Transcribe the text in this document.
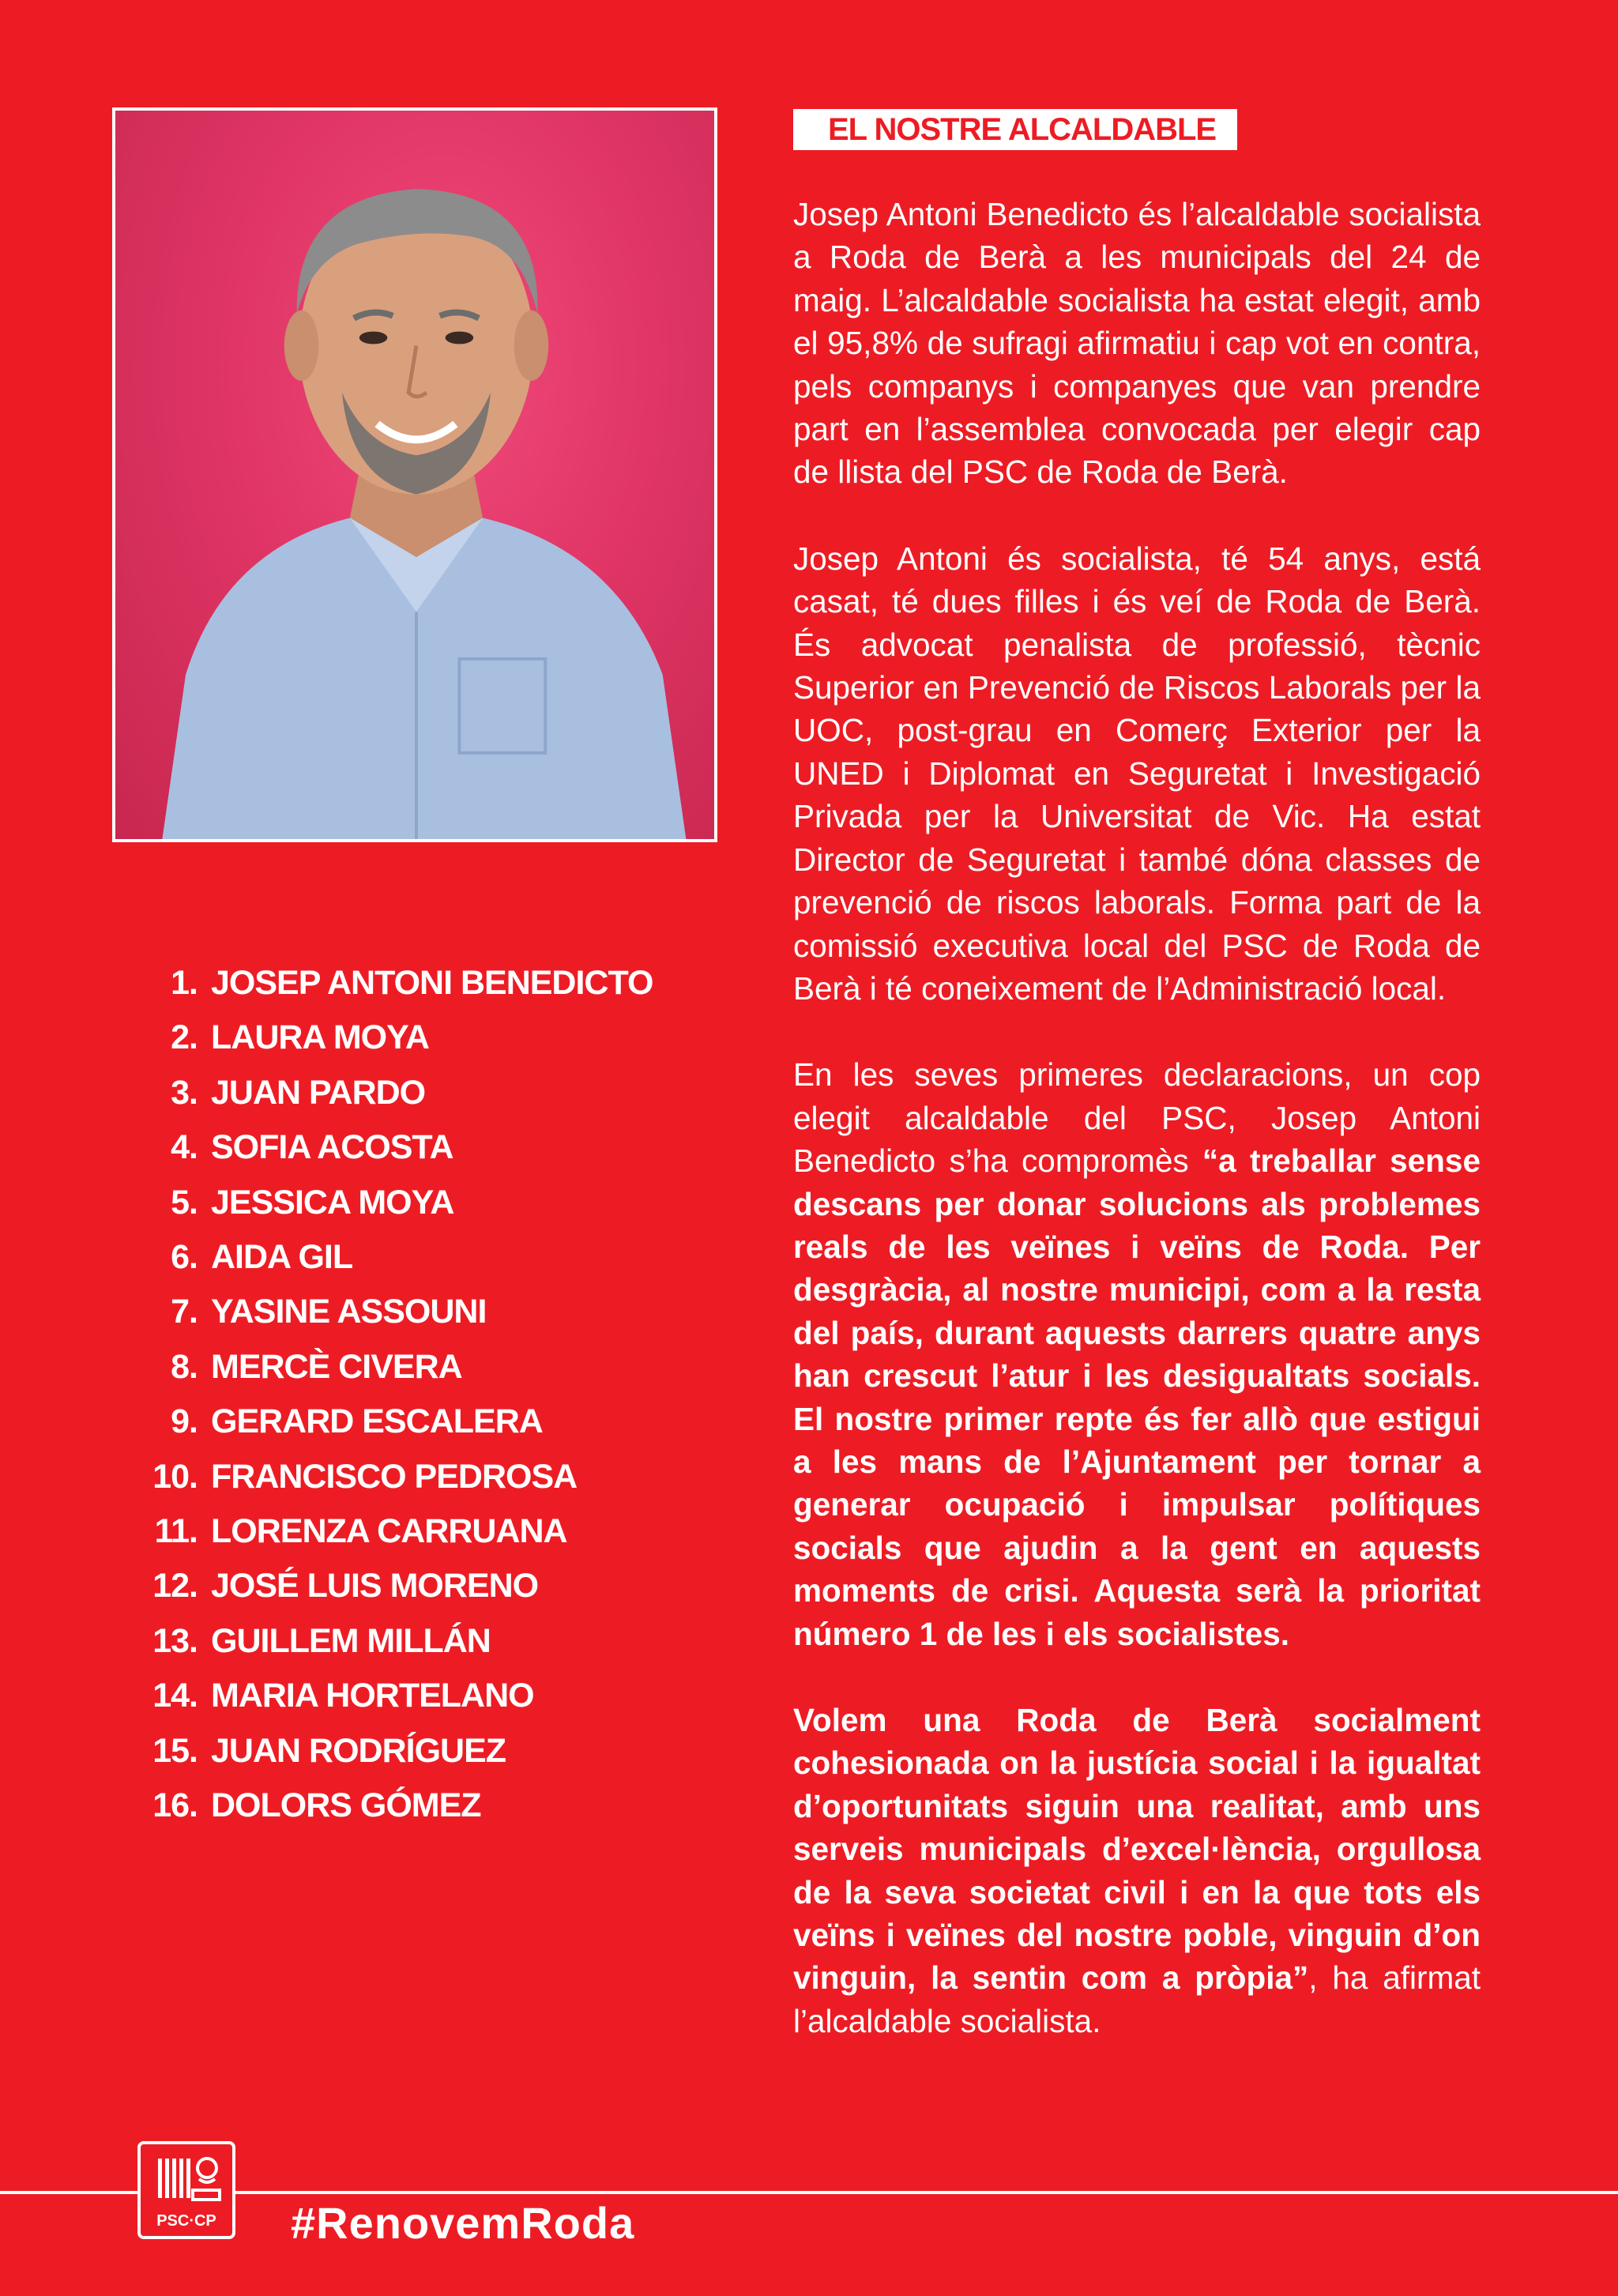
EL NOSTRE ALCALDABLE

Josep Antoni Benedicto és l’alcaldable socialista a Roda de Berà a les municipals del 24 de maig. L’alcaldable socialista ha estat elegit, amb el 95,8% de sufragi afirmatiu i cap vot en contra, pels companys i companyes que van prendre part en l’assemblea convocada per elegir cap de llista del PSC de Roda de Berà.

Josep Antoni és socialista, té 54 anys, está casat, té dues filles i és veí de Roda de Berà. És advocat penalista de professió, tècnic Superior en Prevenció de Riscos Laborals per la UOC, post-grau en Comerç Exterior per la UNED i Diplomat en Seguretat i Investigació Privada per la Universitat de Vic. Ha estat Director de Seguretat i també dóna classes de prevenció de riscos laborals. Forma part de la comissió executiva local del PSC de Roda de Berà i té coneixement de l’Administració local.

En les seves primeres declaracions, un cop elegit alcaldable del PSC, Josep Antoni Benedicto s’ha compromès “a treballar sense descans per donar solucions als problemes reals de les veïnes i veïns de Roda. Per desgràcia, al nostre municipi, com a la resta del país, durant aquests darrers quatre anys han crescut l’atur i les desigualtats socials. El nostre primer repte és fer allò que estigui a les mans de l’Ajuntament per tornar a generar ocupació i impulsar polítiques socials que ajudin a la gent en aquests moments de crisi. Aquesta serà la prioritat número 1 de les i els socialistes.

Volem una Roda de Berà socialment cohesionada on la justícia social i la igualtat d’oportunitats siguin una realitat, amb uns serveis municipals d’excel·lència, orgullosa de la seva societat civil i en la que tots els veïns i veïnes del nostre poble, vinguin d’on vinguin, la sentin com a pròpia”, ha afirmat l’alcaldable socialista.

1. JOSEP ANTONI BENEDICTO
2. LAURA MOYA
3. JUAN PARDO
4. SOFIA ACOSTA
5. JESSICA MOYA
6. AIDA GIL
7. YASINE ASSOUNI
8. MERCÈ CIVERA
9. GERARD ESCALERA
10. FRANCISCO PEDROSA
11. LORENZA CARRUANA
12. JOSÉ LUIS MORENO
13. GUILLEM MILLÁN
14. MARIA HORTELANO
15. JUAN RODRÍGUEZ
16. DOLORS GÓMEZ
PSC·CP	#RenovemRoda
